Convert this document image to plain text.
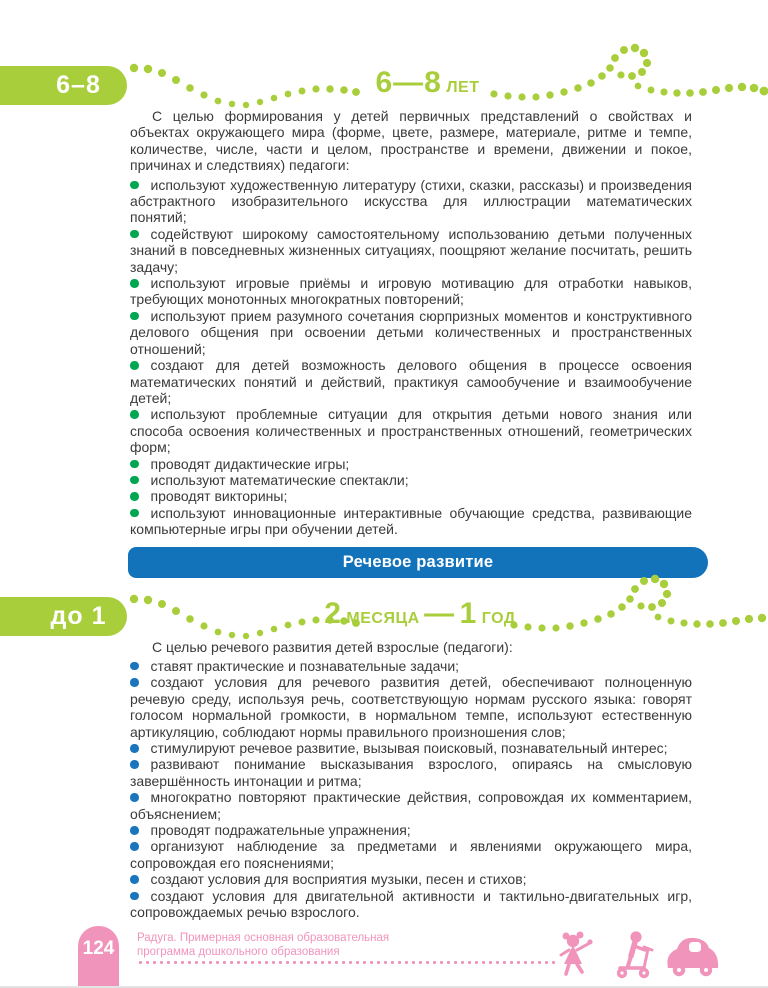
6–8	6—8 ЛЕТ

С целью формирования у детей первичных представлений о свойствах и объектах окружающего мира (форме, цвете, размере, материале, ритме и темпе, количестве, числе, части и целом, пространстве и времени, движении и покое, причинах и следствиях) педагоги:

используют художественную литературу (стихи, сказки, рассказы) и произведения абстрактного изобразительного искусства для иллюстрации математических понятий;

содействуют широкому самостоятельному использованию детьми полученных знаний в повседневных жизненных ситуациях, поощряют желание посчитать, решить задачу;

используют игровые приёмы и игровую мотивацию для отработки навыков, требующих монотонных многократных повторений;

используют прием разумного сочетания сюрпризных моментов и конструктивного делового общения при освоении детьми количественных и пространственных отношений;

создают для детей возможность делового общения в процессе освоения математических понятий и действий, практикуя самообучение и взаимообучение детей;

используют проблемные ситуации для открытия детьми нового знания или способа освоения количественных и пространственных отношений, геометрических форм;

проводят дидактические игры;

используют математические спектакли;

проводят викторины;

используют инновационные интерактивные обучающие средства, развивающие компьютерные игры при обучении детей.

Речевое развитие
до 1	2 МЕСЯЦА — 1 ГОД

С целью речевого развития детей взрослые (педагоги):

ставят практические и познавательные задачи;

создают условия для речевого развития детей, обеспечивают полноценную речевую среду, используя речь, соответствующую нормам русского языка: говорят голосом нормальной громкости, в нормальном темпе, используют естественную артикуляцию, соблюдают нормы правильного произношения слов;

стимулируют речевое развитие, вызывая поисковый, познавательный интерес;

развивают понимание высказывания взрослого, опираясь на смысловую завершённость интонации и ритма;

многократно повторяют практические действия, сопровождая их комментарием, объяснением;

проводят подражательные упражнения;

организуют наблюдение за предметами и явлениями окружающего мира, сопровождая его пояснениями;

создают условия для восприятия музыки, песен и стихов;

создают условия для двигательной активности и тактильно-двигательных игр, сопровождаемых речью взрослого.

124	Радуга. Примерная основная образовательная
программа дошкольного образования
